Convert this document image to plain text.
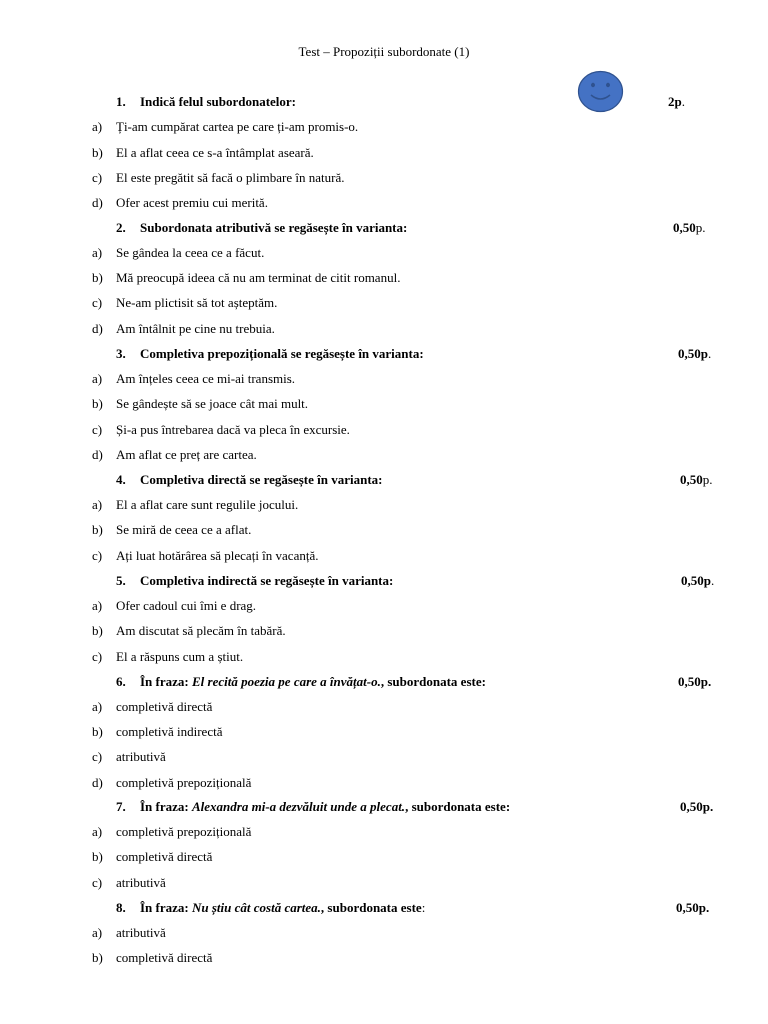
Test – Propoziții subordonate (1)
1. Indică felul subordonatelor:	2p.
a) Ți-am cumpărat cartea pe care ți-am promis-o.
b) El a aflat ceea ce s-a întâmplat aseară.
c) El este pregătit să facă o plimbare în natură.
d) Ofer acest premiu cui merită.
2. Subordonata atributivă se regăsește în varianta:	0,50p.
a) Se gândea la ceea ce a făcut.
b) Mă preocupă ideea că nu am terminat de citit romanul.
c) Ne-am plictisit să tot așteptăm.
d) Am întâlnit pe cine nu trebuia.
3. Completiva prepozițională se regăsește în varianta:	0,50p.
a) Am înțeles ceea ce mi-ai transmis.
b) Se gândește să se joace cât mai mult.
c) Și-a pus întrebarea dacă va pleca în excursie.
d) Am aflat ce preț are cartea.
4. Completiva directă se regăsește în varianta:	0,50p.
a) El a aflat care sunt regulile jocului.
b) Se miră de ceea ce a aflat.
c) Ați luat hotărârea să plecați în vacanță.
5. Completiva indirectă se regăsește în varianta:	0,50p.
a) Ofer cadoul cui îmi e drag.
b) Am discutat să plecăm în tabără.
c) El a răspuns cum a știut.
6. În fraza: El recită poezia pe care a învățat-o., subordonata este:	0,50p.
a) completivă directă
b) completivă indirectă
c) atributivă
d) completivă prepozițională
7. În fraza: Alexandra mi-a dezvăluit unde a plecat., subordonata este:	0,50p.
a) completivă prepozițională
b) completivă directă
c) atributivă
8. În fraza: Nu știu cât costă cartea., subordonata este:	0,50p.
a) atributivă
b) completivă directă
